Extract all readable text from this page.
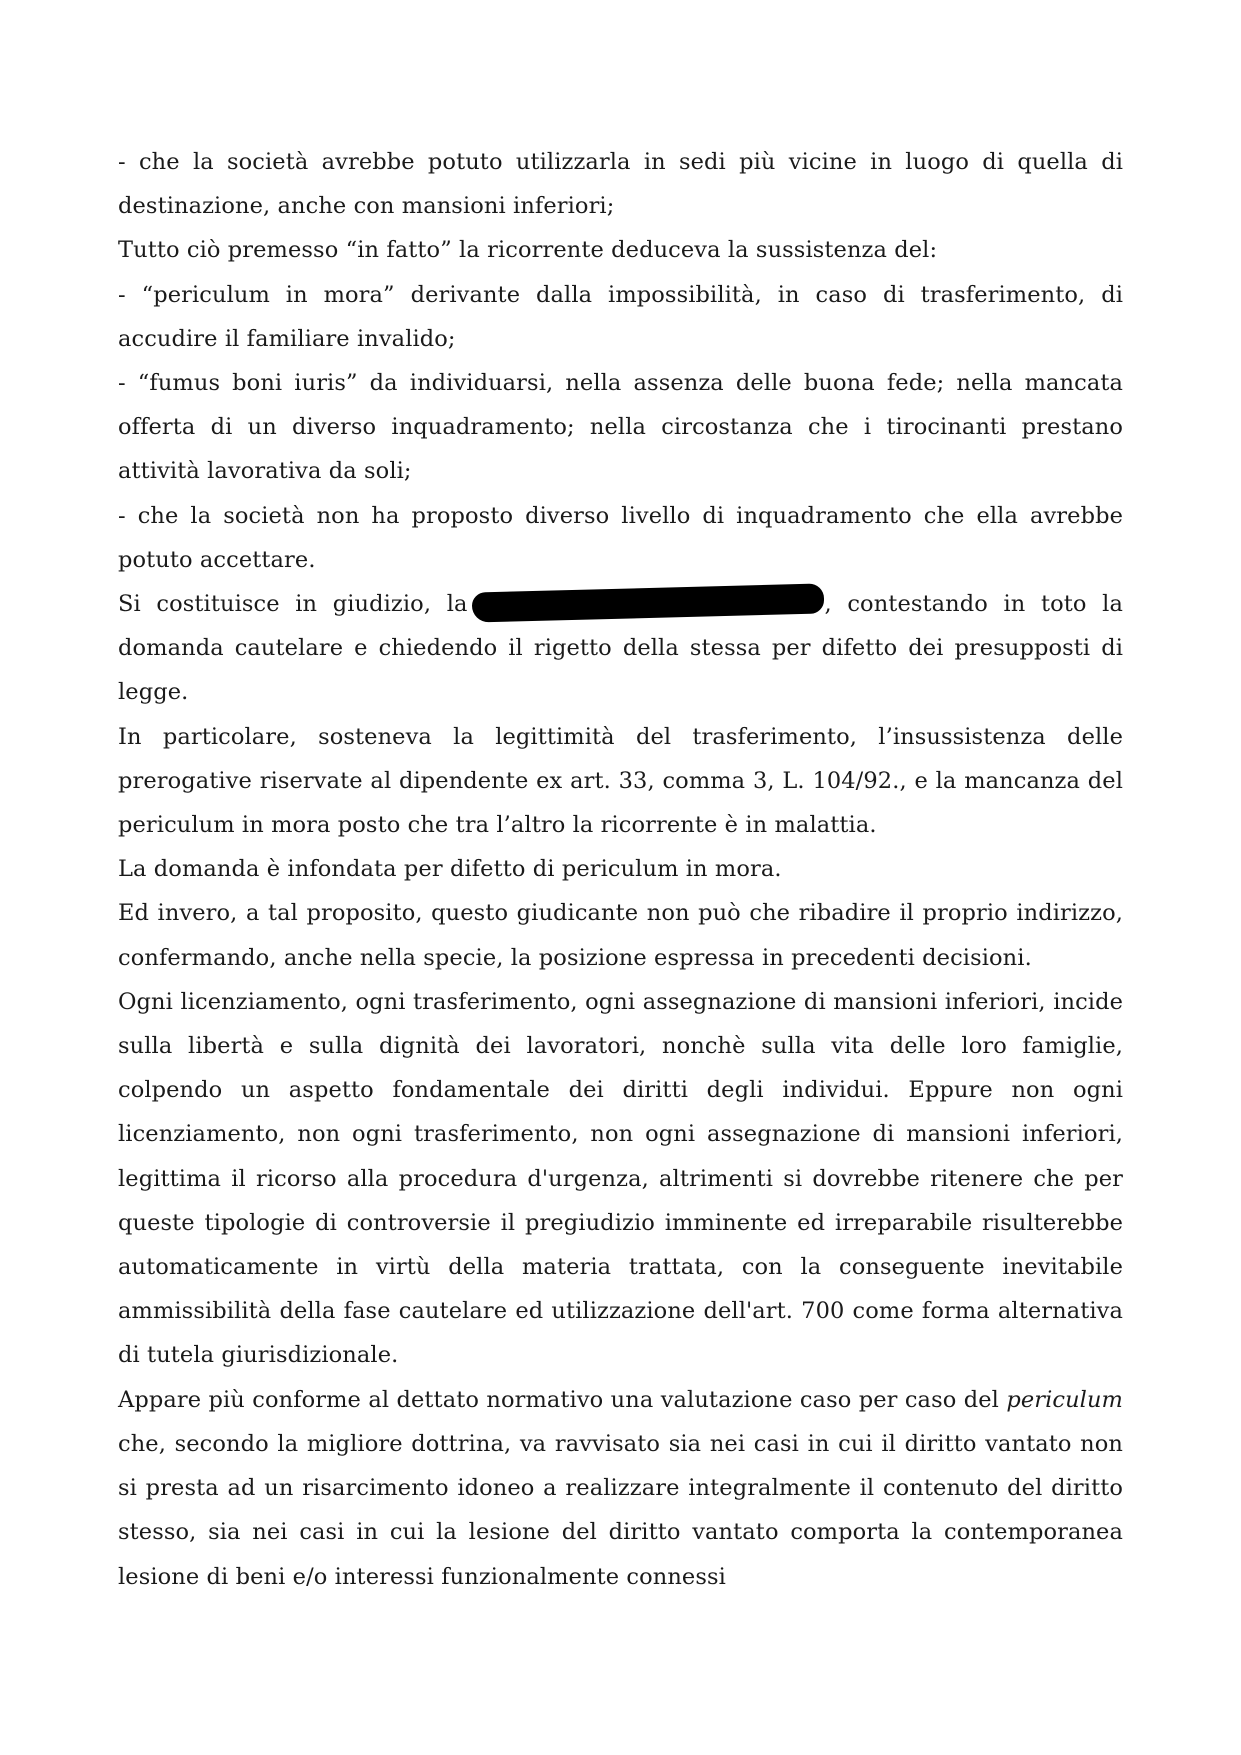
- che la società avrebbe potuto utilizzarla in sedi più vicine in luogo di quella di destinazione, anche con mansioni inferiori;

Tutto ciò premesso “in fatto” la ricorrente deduceva la sussistenza del:

- “periculum in mora” derivante dalla impossibilità, in caso di trasferimento, di accudire il familiare invalido;

- “fumus boni iuris” da individuarsi, nella assenza delle buona fede; nella mancata offerta di un diverso inquadramento; nella circostanza che i tirocinanti prestano attività lavorativa da soli;

- che la società non ha proposto diverso livello di inquadramento che ella avrebbe potuto accettare.

Si costituisce in giudizio, la	, contestando in toto la domanda cautelare e chiedendo il rigetto della stessa per difetto dei presupposti di legge.

In particolare, sosteneva la legittimità del trasferimento, l’insussistenza delle prerogative riservate al dipendente ex art. 33, comma 3, L. 104/92., e la mancanza del periculum in mora posto che tra l’altro la ricorrente è in malattia.

La domanda è infondata per difetto di periculum in mora.

Ed invero, a tal proposito, questo giudicante non può che ribadire il proprio indirizzo, confermando, anche nella specie, la posizione espressa in precedenti decisioni.

Ogni licenziamento, ogni trasferimento, ogni assegnazione di mansioni inferiori, incide sulla libertà e sulla dignità dei lavoratori, nonchè sulla vita delle loro famiglie, colpendo un aspetto fondamentale dei diritti degli individui. Eppure non ogni licenziamento, non ogni trasferimento, non ogni assegnazione di mansioni inferiori, legittima il ricorso alla procedura d'urgenza, altrimenti si dovrebbe ritenere che per queste tipologie di controversie il pregiudizio imminente ed irreparabile risulterebbe automaticamente in virtù della materia trattata, con la conseguente inevitabile ammissibilità della fase cautelare ed utilizzazione dell'art. 700 come forma alternativa di tutela giurisdizionale.

Appare più conforme al dettato normativo una valutazione caso per caso del periculum che, secondo la migliore dottrina, va ravvisato sia nei casi in cui il diritto vantato non si presta ad un risarcimento idoneo a realizzare integralmente il contenuto del diritto stesso, sia nei casi in cui la lesione del diritto vantato comporta la contemporanea lesione di beni e/o interessi funzionalmente connessi
